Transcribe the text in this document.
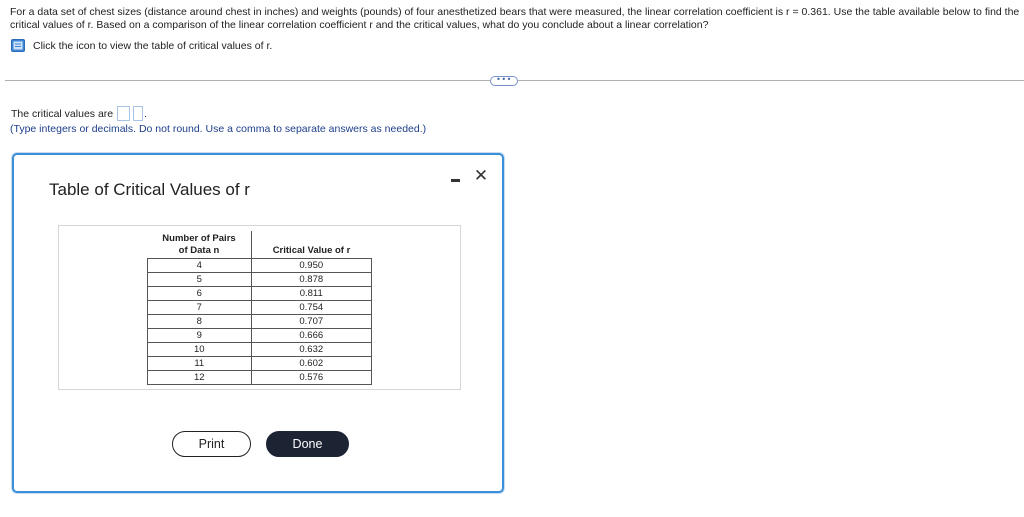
For a data set of chest sizes (distance around chest in inches) and weights (pounds) of four anesthetized bears that were measured, the linear correlation coefficient is r = 0.361. Use the table available below to find the critical values of r. Based on a comparison of the linear correlation coefficient r and the critical values, what do you conclude about a linear correlation?
Click the icon to view the table of critical values of r.
•••
The critical values are	.
(Type integers or decimals. Do not round. Use a comma to separate answers as needed.)
Table of Critical Values of r
✕
Number of Pairs
of Data n	Critical Value of r
4	0.950
5	0.878
6	0.811
7	0.754
8	0.707
9	0.666
10	0.632
11	0.602
12	0.576
Print	Done
